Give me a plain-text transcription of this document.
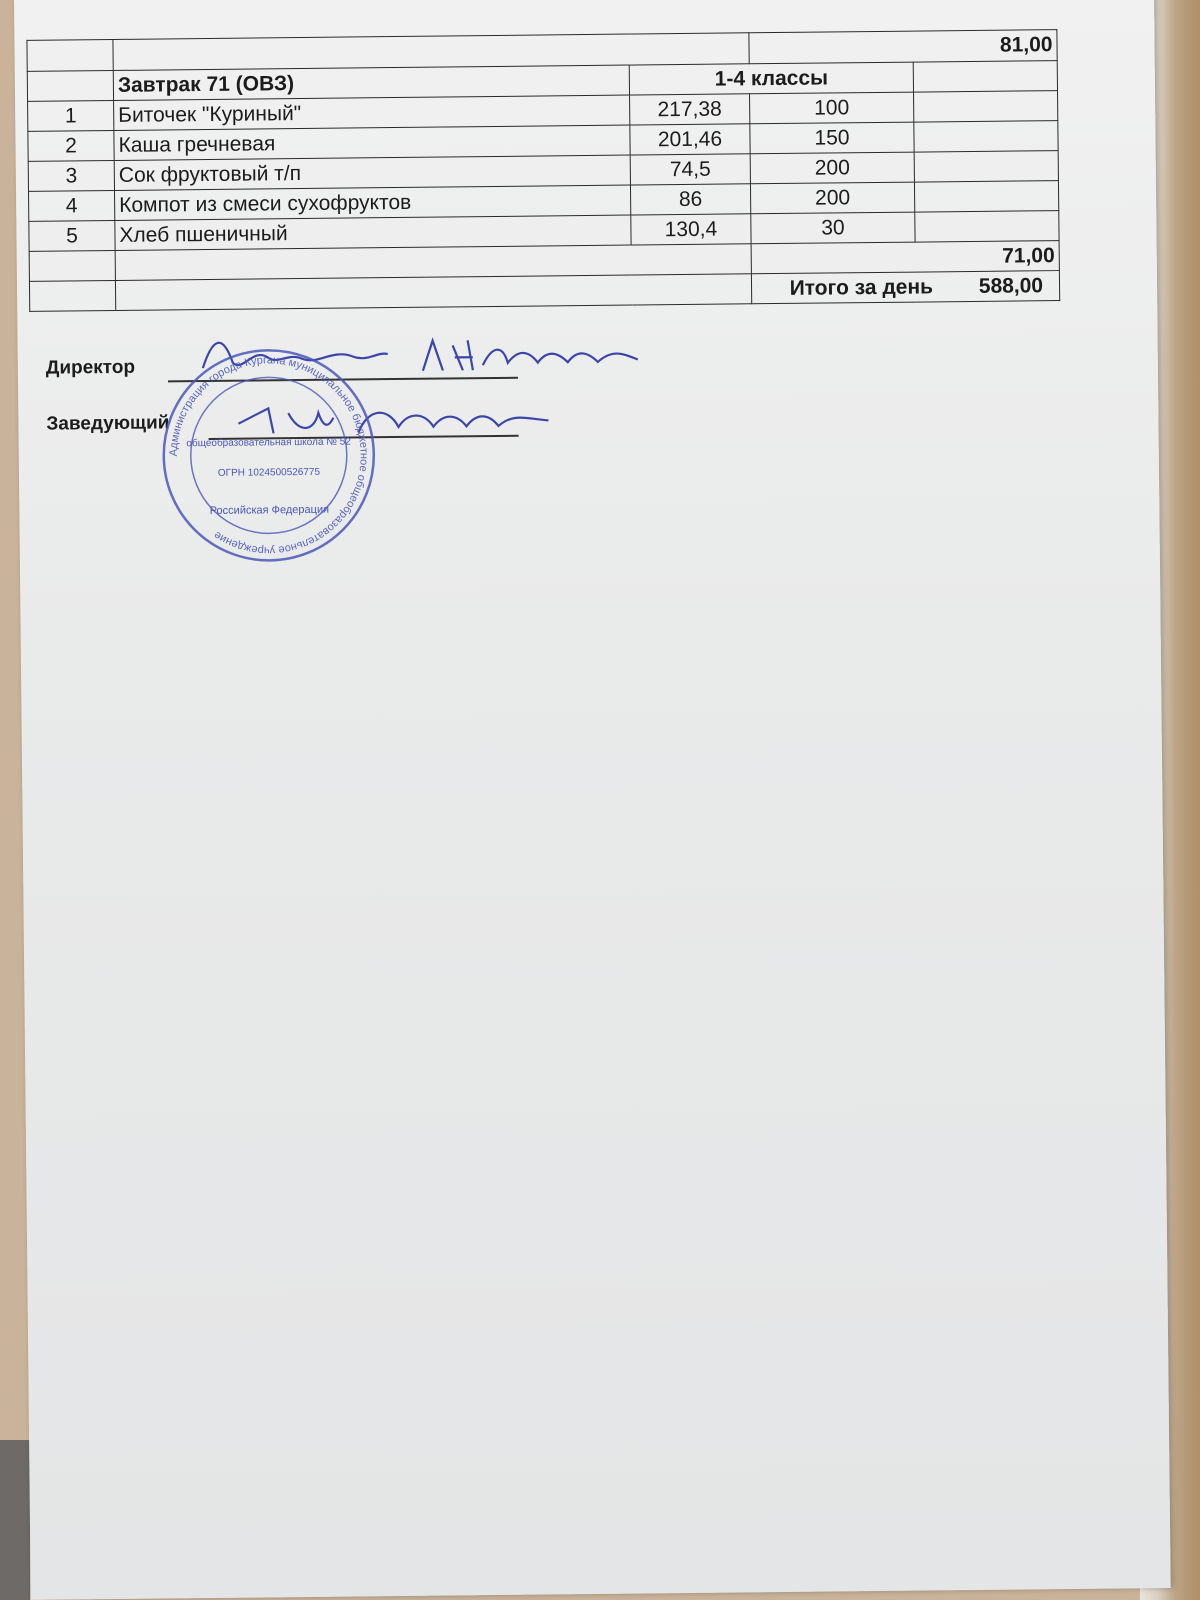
			81,00	
	Завтрак 71 (ОВЗ)	1-4 классы		
1	Биточек "Куриный"	217,38	100	
2	Каша гречневая	201,46	150	
3	Сок фруктовый т/п	74,5	200	
4	Компот из смеси сухофруктов	86	200	
5	Хлеб пшеничный	130,4	30	
			71,00	
			Итого за день 588,00	
Директор
Заведующий
Администрация города Кургана муниципальное бюджетное общеобразовательное учреждение
общеобразовательная школа № 52
ОГРН 1024500526775
Российская Федерация
